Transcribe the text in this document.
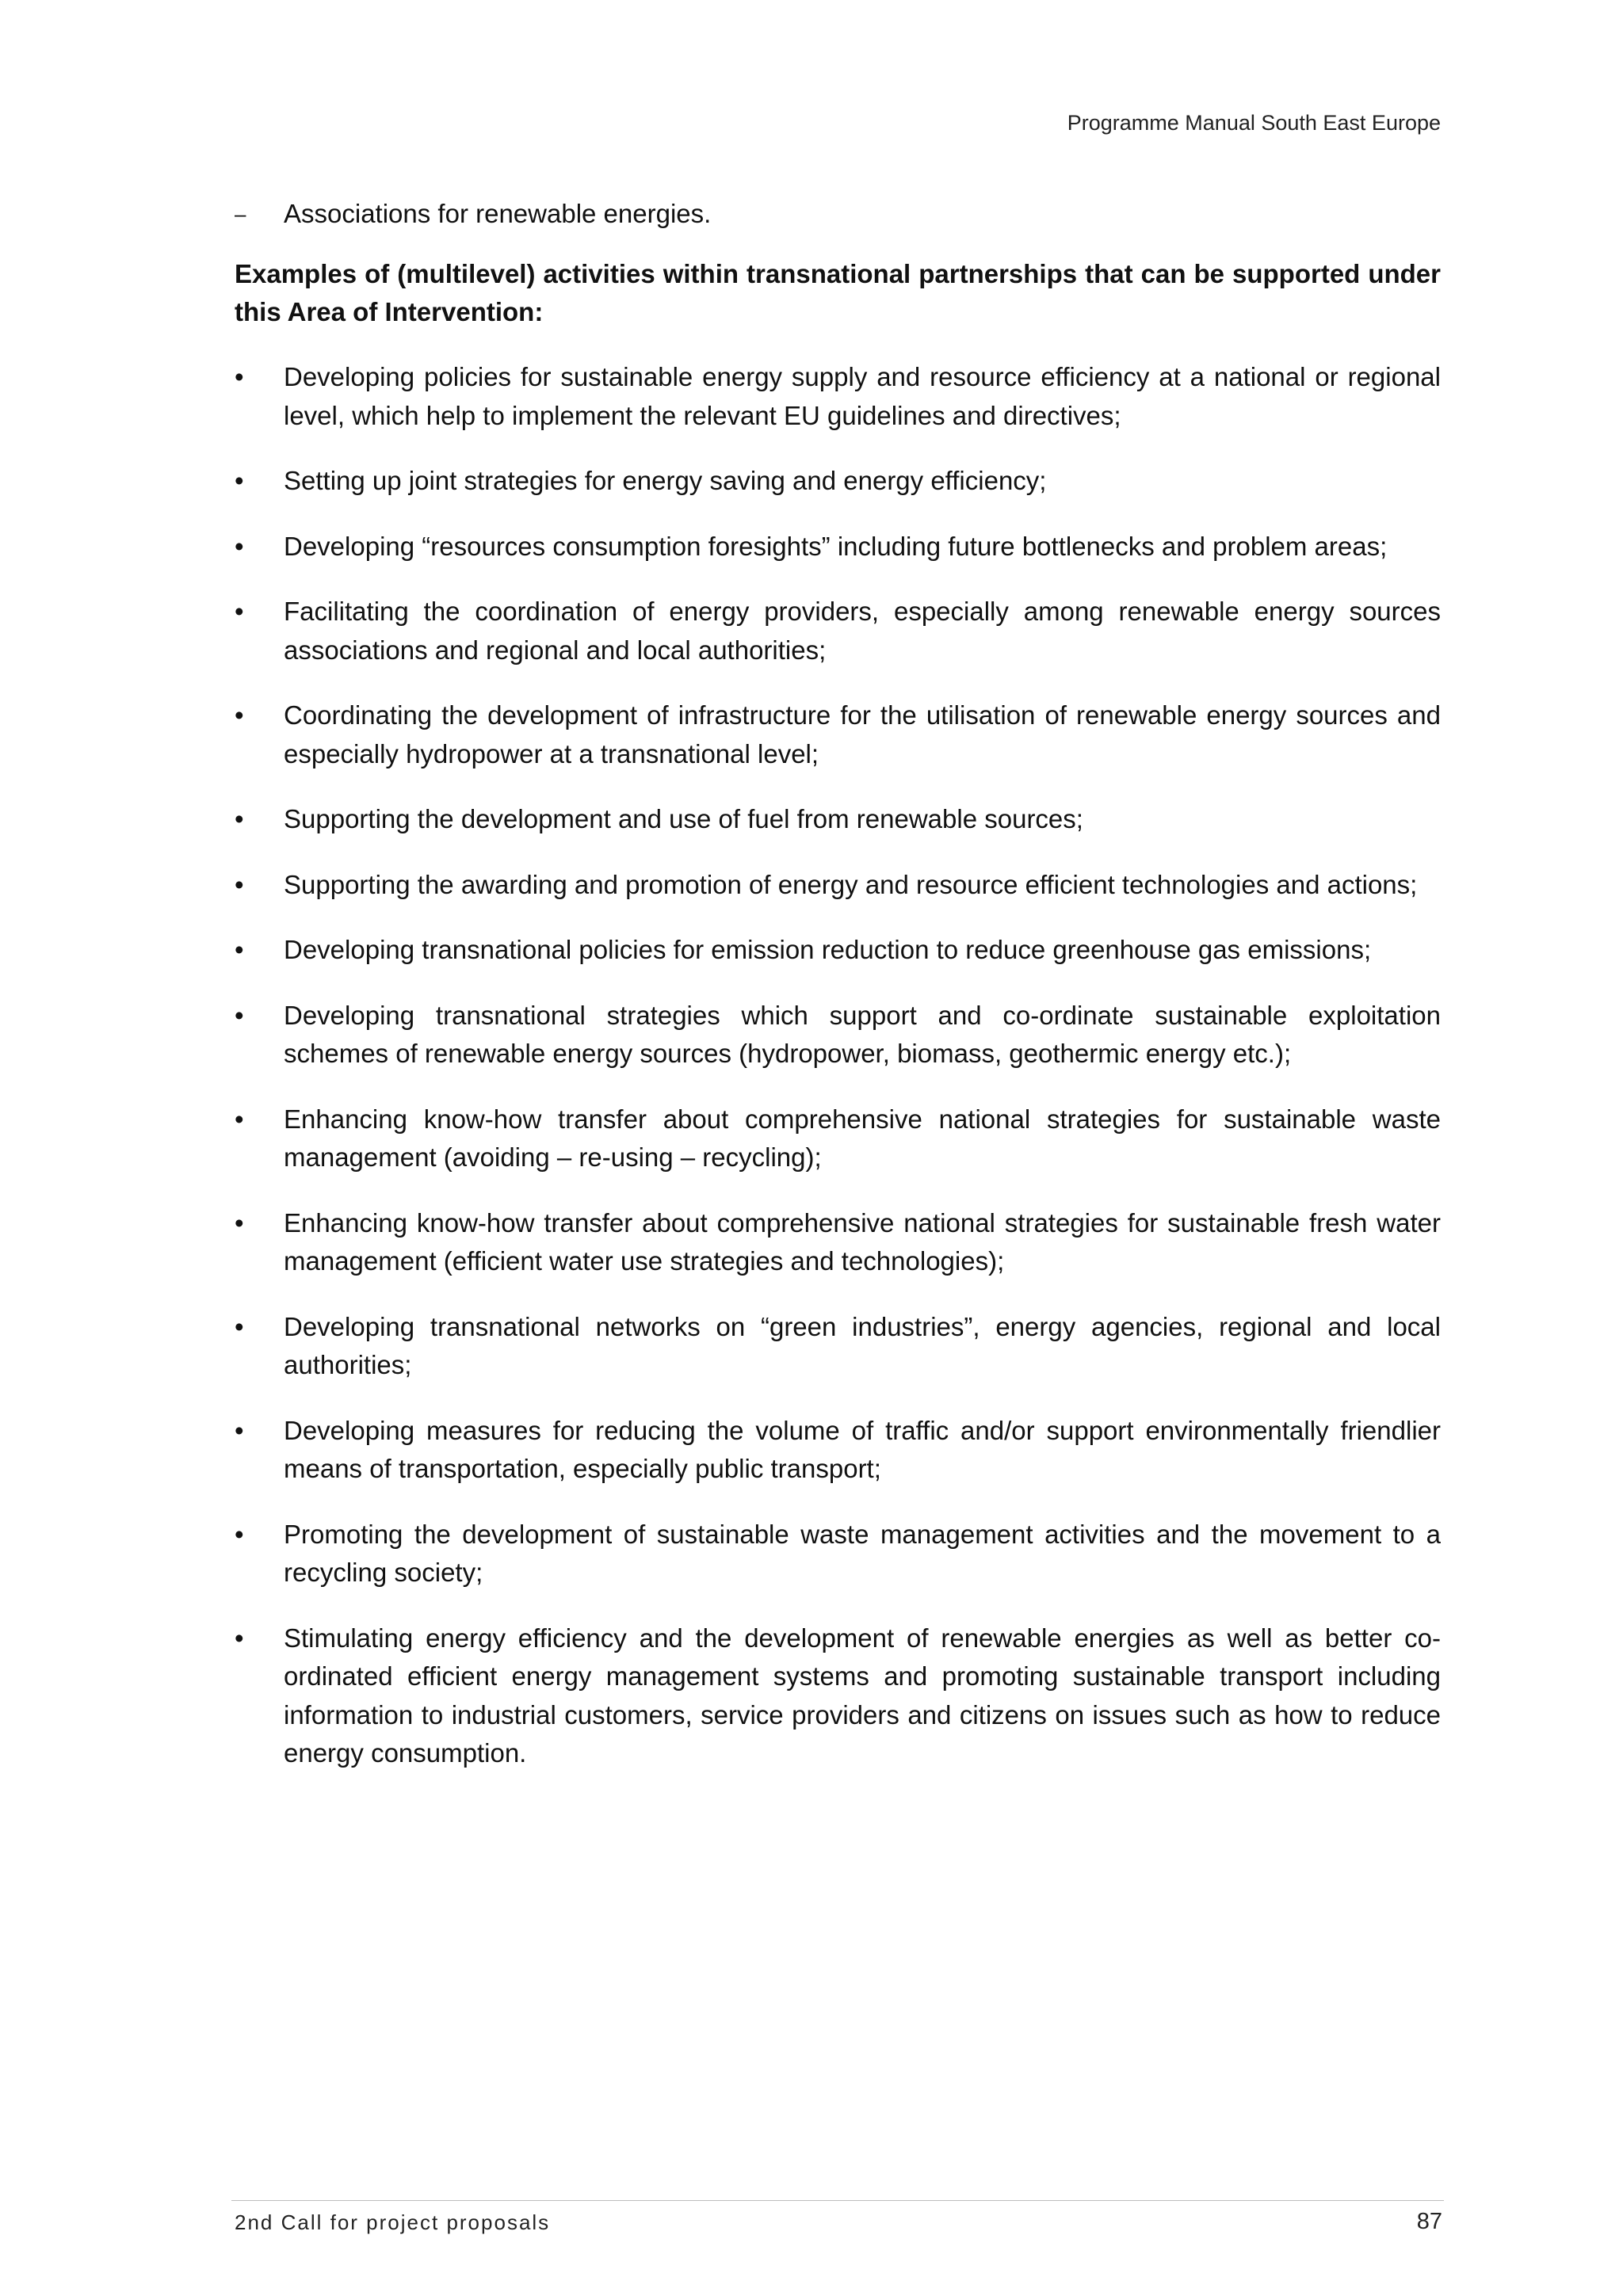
Programme Manual South East Europe
– Associations for renewable energies.

Examples of (multilevel) activities within transnational partnerships that can be supported under this Area of Intervention:

• Developing policies for sustainable energy supply and resource efficiency at a national or regional level, which help to implement the relevant EU guidelines and directives;
• Setting up joint strategies for energy saving and energy efficiency;
• Developing “resources consumption foresights” including future bottlenecks and problem areas;
• Facilitating the coordination of energy providers, especially among renewable energy sources associations and regional and local authorities;
• Coordinating the development of infrastructure for the utilisation of renewable energy sources and especially hydropower at a transnational level;
• Supporting the development and use of fuel from renewable sources;
• Supporting the awarding and promotion of energy and resource efficient technologies and actions;
• Developing transnational policies for emission reduction to reduce greenhouse gas emissions;
• Developing transnational strategies which support and co-ordinate sustainable exploitation schemes of renewable energy sources (hydropower, biomass, geothermic energy etc.);
• Enhancing know-how transfer about comprehensive national strategies for sustainable waste management (avoiding – re-using – recycling);
• Enhancing know-how transfer about comprehensive national strategies for sustainable fresh water management (efficient water use strategies and technologies);
• Developing transnational networks on “green industries”, energy agencies, regional and local authorities;
• Developing measures for reducing the volume of traffic and/or support environmentally friendlier means of transportation, especially public transport;
• Promoting the development of sustainable waste management activities and the movement to a recycling society;
• Stimulating energy efficiency and the development of renewable energies as well as better co-ordinated efficient energy management systems and promoting sustainable transport including information to industrial customers, service providers and citizens on issues such as how to reduce energy consumption.
2nd Call for project proposals	87
